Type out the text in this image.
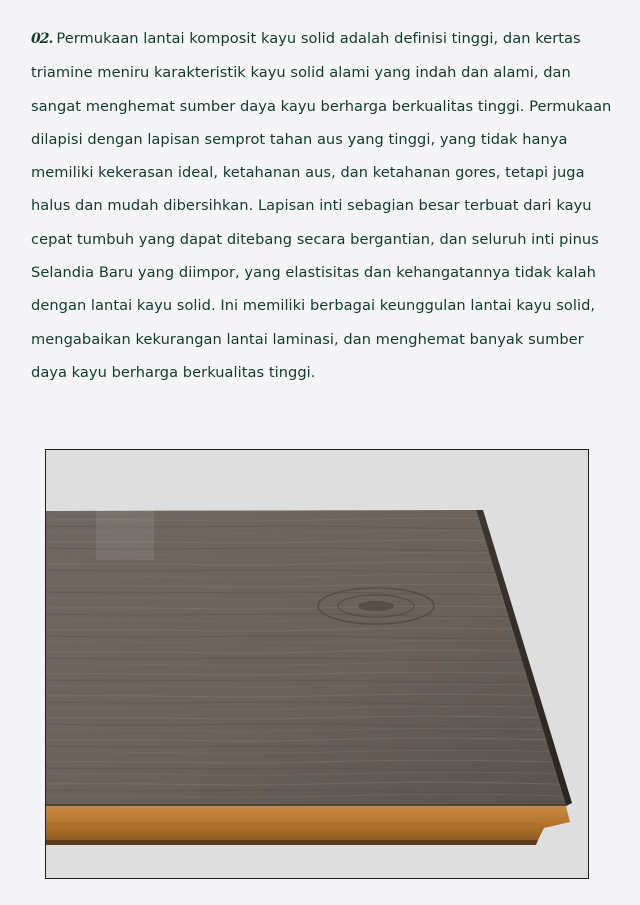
02. Permukaan lantai komposit kayu solid adalah definisi tinggi, dan kertas
triamine meniru karakteristik kayu solid alami yang indah dan alami, dan
sangat menghemat sumber daya kayu berharga berkualitas tinggi. Permukaan
dilapisi dengan lapisan semprot tahan aus yang tinggi, yang tidak hanya
memiliki kekerasan ideal, ketahanan aus, dan ketahanan gores, tetapi juga
halus dan mudah dibersihkan. Lapisan inti sebagian besar terbuat dari kayu
cepat tumbuh yang dapat ditebang secara bergantian, dan seluruh inti pinus
Selandia Baru yang diimpor, yang elastisitas dan kehangatannya tidak kalah
dengan lantai kayu solid. Ini memiliki berbagai keunggulan lantai kayu solid,
mengabaikan kekurangan lantai laminasi, dan menghemat banyak sumber
daya kayu berharga berkualitas tinggi.
